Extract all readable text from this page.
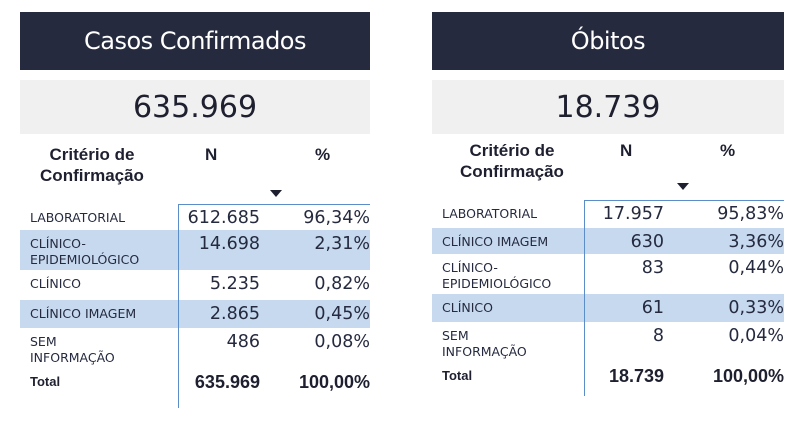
Casos Confirmados
635.969
Critério de
Confirmação
N	%
LABORATORIAL	612.685	96,34%
CLÍNICO-
EPIDEMIOLÓGICO
14.698	2,31%
CLÍNICO	5.235	0,82%
CLÍNICO IMAGEM	2.865	0,45%
SEM
INFORMAÇÃO
486	0,08%
Total	635.969	100,00%
Óbitos
18.739
Critério de
Confirmação
N	%
LABORATORIAL	17.957	95,83%
CLÍNICO IMAGEM	630	3,36%
CLÍNICO-
EPIDEMIOLÓGICO
83	0,44%
CLÍNICO	61	0,33%
SEM
INFORMAÇÃO
8	0,04%
Total	18.739	100,00%
